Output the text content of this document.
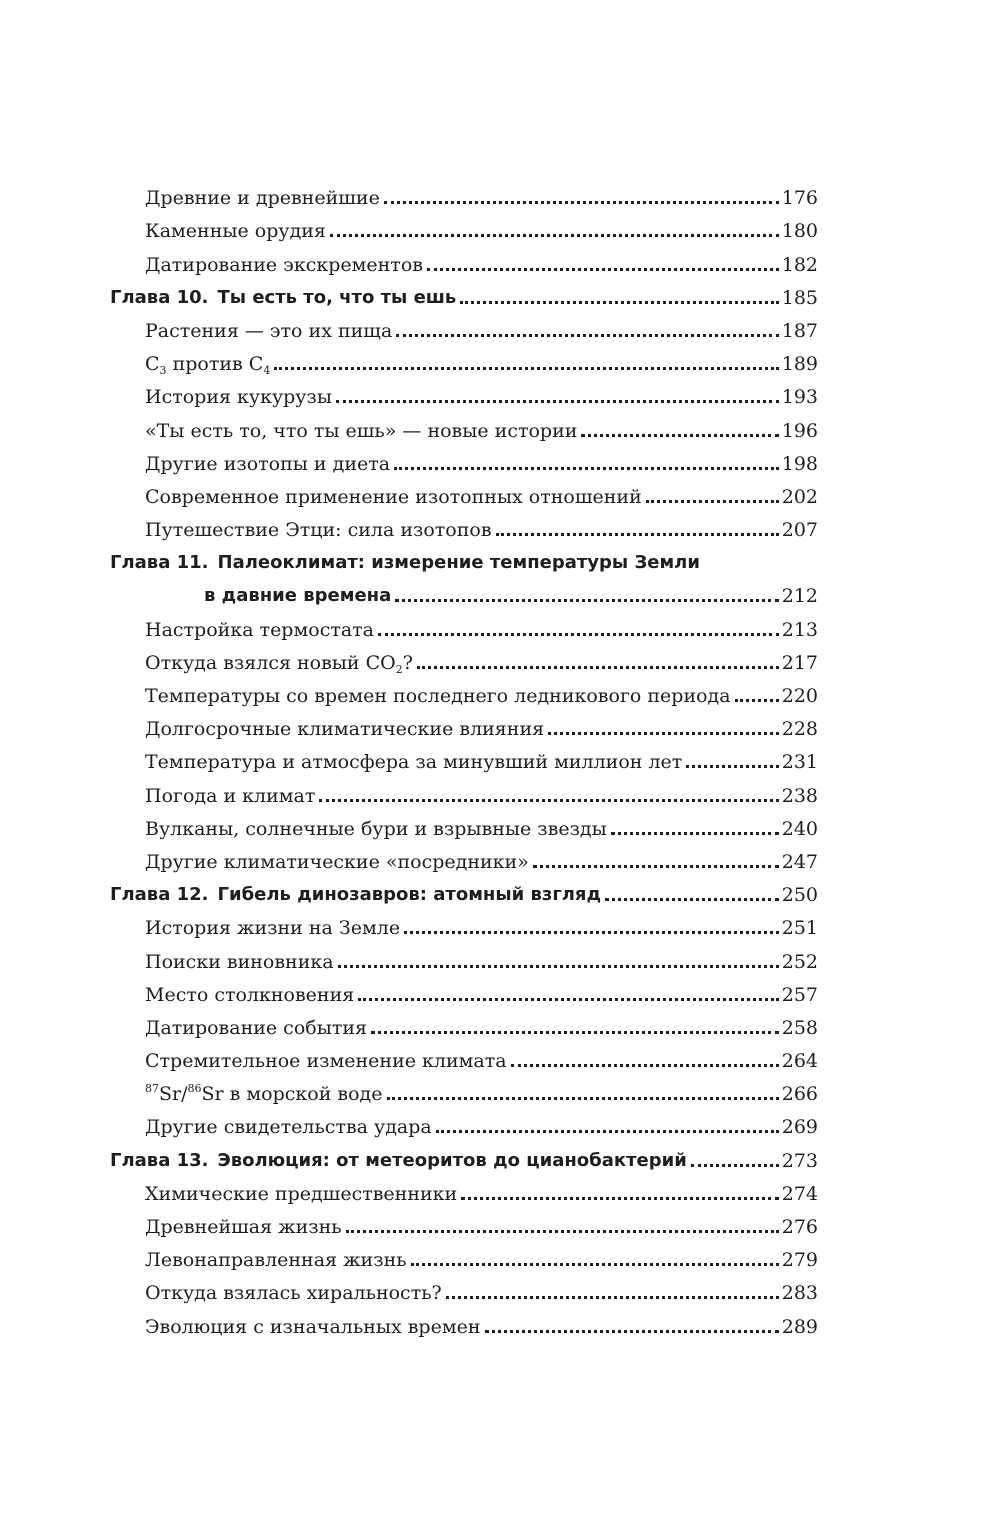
Древние и древнейшие	176
Каменные орудия	180
Датирование экскрементов	182
Глава 10. Ты есть то, что ты ешь	185
Растения — это их пища	187
$C_3$ против $C_4$	189
История кукурузы	193
«Ты есть то, что ты ешь» — новые истории	196
Другие изотопы и диета	198
Современное применение изотопных отношений	202
Путешествие Этци: сила изотопов	207
Глава 11. Палеоклимат: измерение температуры Земли
в давние времена	212
Настройка термостата	213
Откуда взялся новый $CO_2$?	217
Температуры со времен последнего ледникового периода	220
Долгосрочные климатические влияния	228
Температура и атмосфера за минувший миллион лет	231
Погода и климат	238
Вулканы, солнечные бури и взрывные звезды	240
Другие климатические «посредники»	247
Глава 12. Гибель динозавров: атомный взгляд	250
История жизни на Земле	251
Поиски виновника	252
Место столкновения	257
Датирование события	258
Стремительное изменение климата	264
$^{87}$Sr/$^{86}$Sr в морской воде	266
Другие свидетельства удара	269
Глава 13. Эволюция: от метеоритов до цианобактерий	273
Химические предшественники	274
Древнейшая жизнь	276
Левонаправленная жизнь	279
Откуда взялась хиральность?	283
Эволюция с изначальных времен	289
